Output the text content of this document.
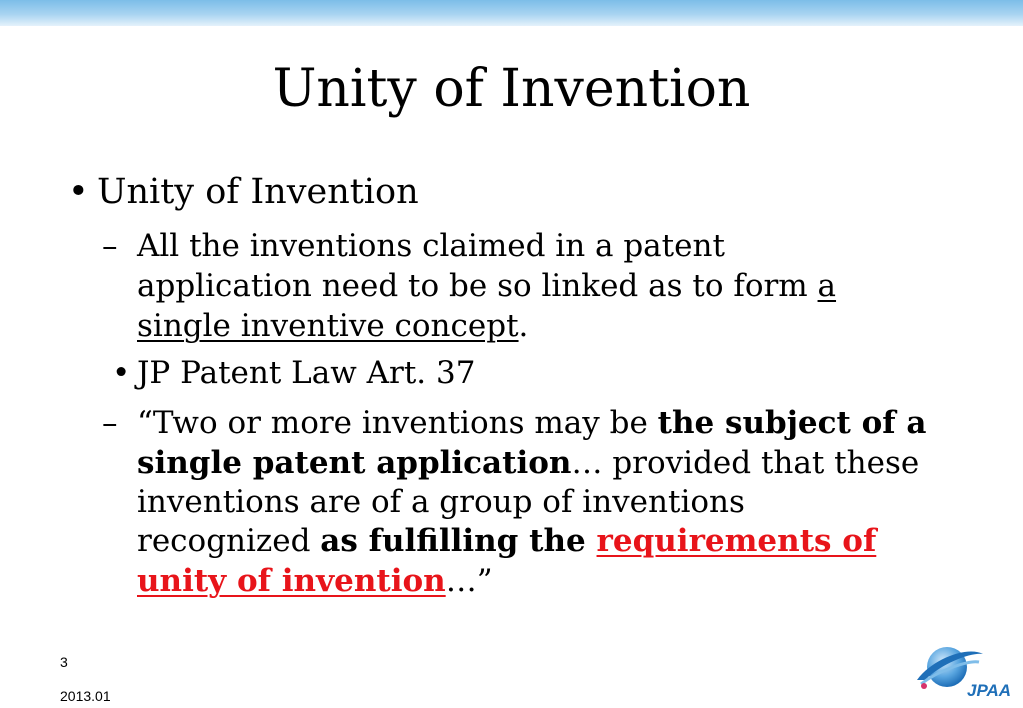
Unity of Invention
• Unity of Invention
– All the inventions claimed in a patent
application need to be so linked as to form a
single inventive concept.
• JP Patent Law Art. 37
– “Two or more inventions may be the subject of a
single patent application… provided that these
inventions are of a group of inventions
recognized as fulfilling the requirements of
unity of invention…”
3
2013.01	JPAA
